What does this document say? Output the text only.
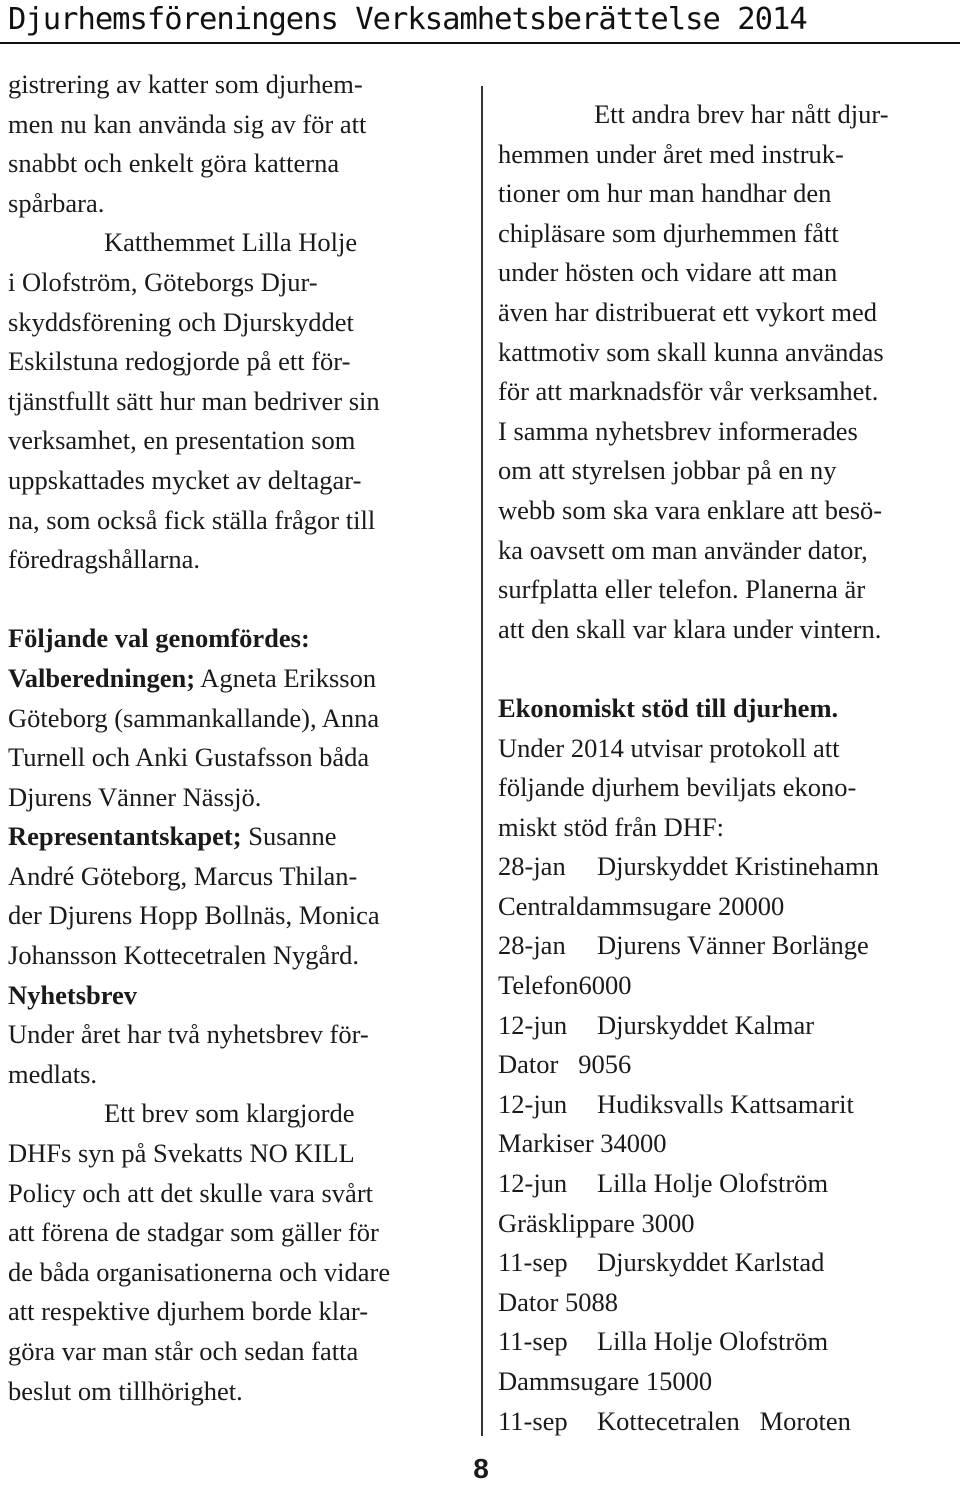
Djurhemsföreningens Verksamhetsberättelse 2014
gistrering av katter som djurhem-
men nu kan använda sig av för att
snabbt och enkelt göra katterna
spårbara.
Katthemmet Lilla Holje
i Olofström, Göteborgs Djur-
skyddsförening och Djurskyddet
Eskilstuna redogjorde på ett för-
tjänstfullt sätt hur man bedriver sin
verksamhet, en presentation som
uppskattades mycket av deltagar-
na, som också fick ställa frågor till
föredragshållarna.
Följande val genomfördes:
Valberedningen; Agneta Eriksson
Göteborg (sammankallande), Anna
Turnell och Anki Gustafsson båda
Djurens Vänner Nässjö.
Representantskapet; Susanne
André Göteborg, Marcus Thilan-
der Djurens Hopp Bollnäs, Monica
Johansson Kottecetralen Nygård.
Nyhetsbrev
Under året har två nyhetsbrev för-
medlats.
Ett brev som klargjorde
DHFs syn på Svekatts NO KILL
Policy och att det skulle vara svårt
att förena de stadgar som gäller för
de båda organisationerna och vidare
att respektive djurhem borde klar-
göra var man står och sedan fatta
beslut om tillhörighet.
Ett andra brev har nått djur-
hemmen under året med instruk-
tioner om hur man handhar den
chipläsare som djurhemmen fått
under hösten och vidare att man
även har distribuerat ett vykort med
kattmotiv som skall kunna användas
för att marknadsför vår verksamhet.
I samma nyhetsbrev informerades
om att styrelsen jobbar på en ny
webb som ska vara enklare att besö-
ka oavsett om man använder dator,
surfplatta eller telefon. Planerna är
att den skall var klara under vintern.
Ekonomiskt stöd till djurhem.
Under 2014 utvisar protokoll att
följande djurhem beviljats ekono-
miskt stöd från DHF:
28-jan Djurskyddet Kristinehamn
Centraldammsugare 20000
28-jan Djurens Vänner Borlänge
Telefon6000
12-jun Djurskyddet Kalmar
Dator   9056
12-jun Hudiksvalls Kattsamarit
Markiser 34000
12-jun Lilla Holje Olofström
Gräsklippare 3000
11-sep Djurskyddet Karlstad
Dator 5088
11-sep Lilla Holje Olofström
Dammsugare 15000
11-sep Kottecetralen   Moroten
8
